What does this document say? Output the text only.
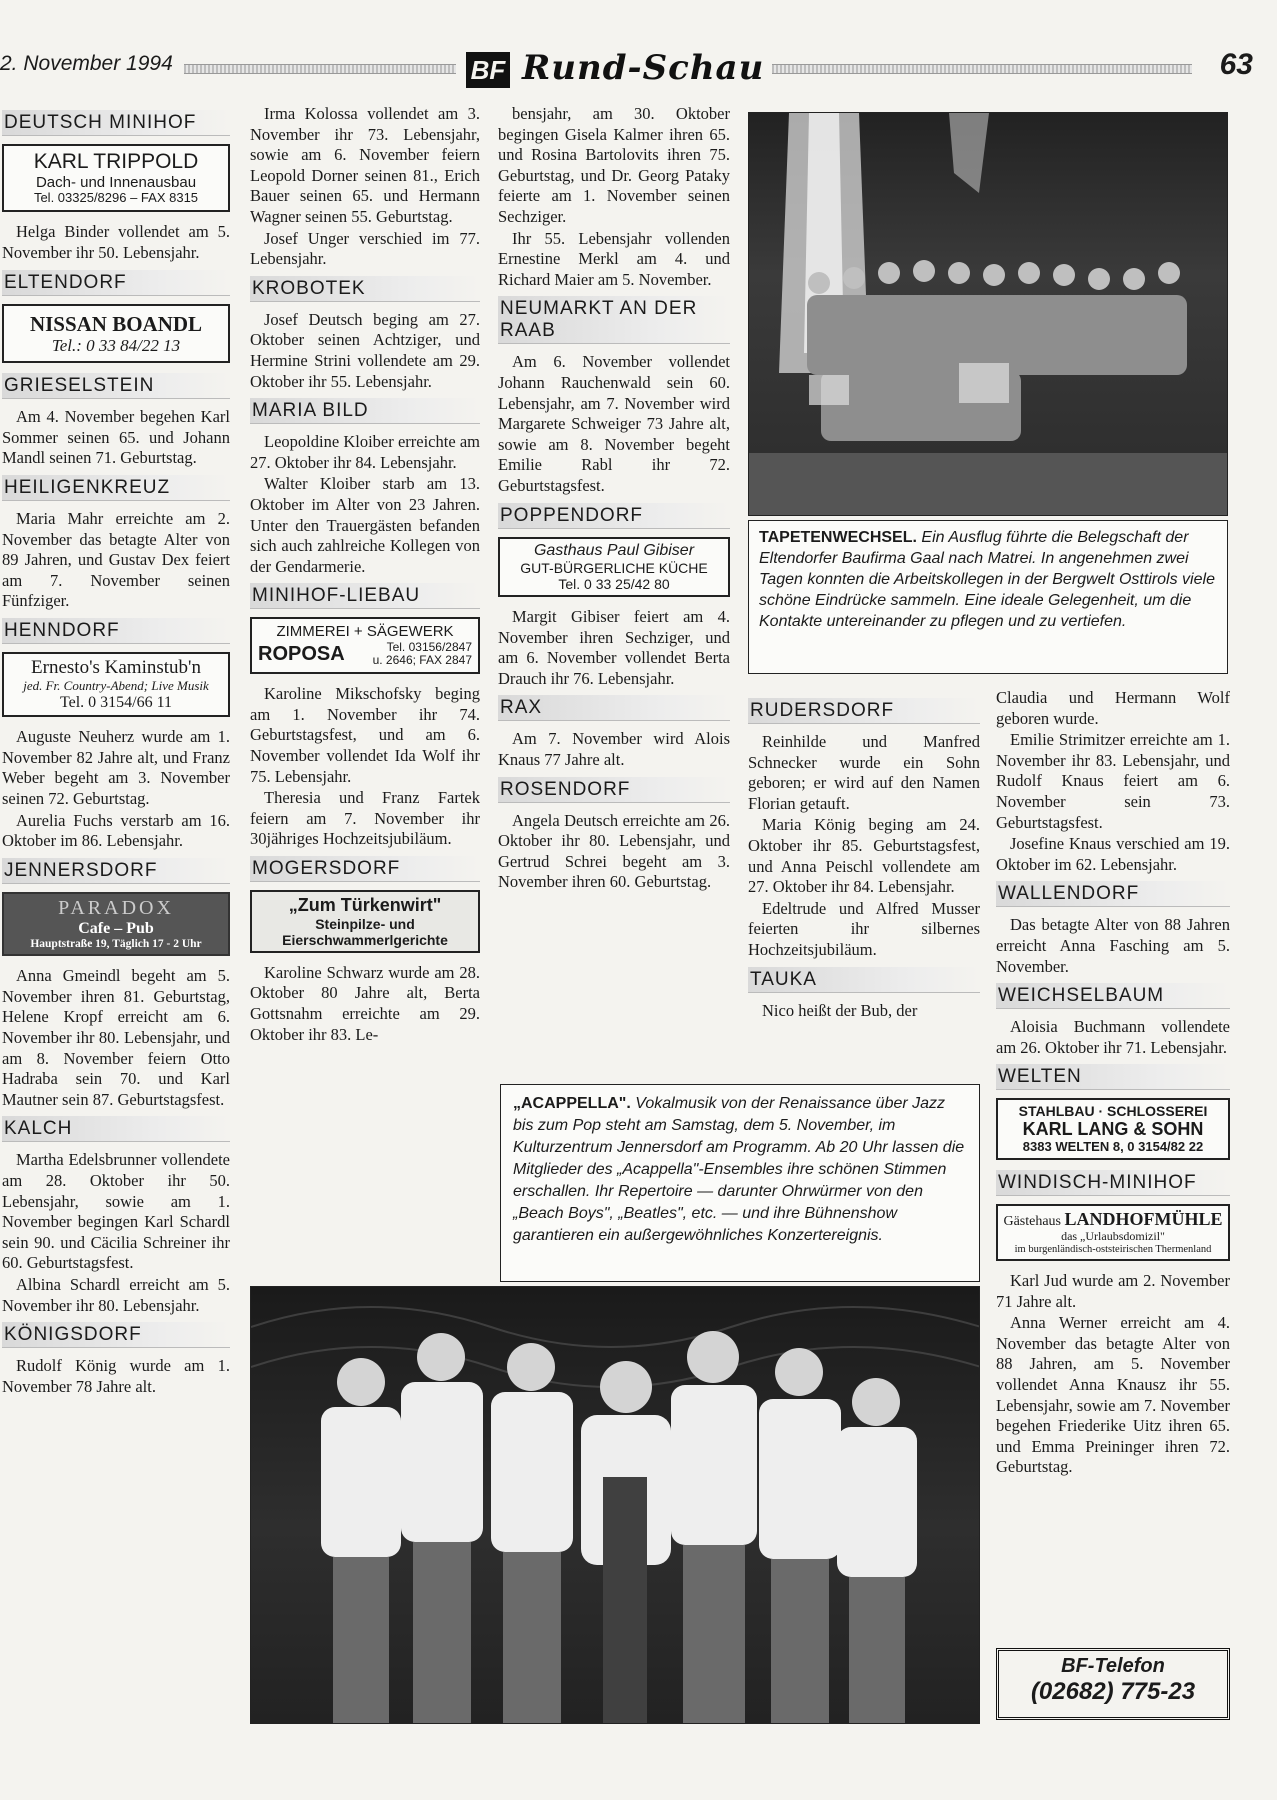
2. November 1994	BF Rund-Schau	63
DEUTSCH MINIHOF
KARL TRIPPOLD
Dach- und Innenausbau
Tel. 03325/8296 – FAX 8315

Helga Binder vollendet am 5. November ihr 50. Lebensjahr.

ELTENDORF
NISSAN BOANDL
Tel.: 0 33 84/22 13
GRIESELSTEIN

Am 4. November begehen Karl Sommer seinen 65. und Johann Mandl seinen 71. Geburtstag.

HEILIGENKREUZ

Maria Mahr erreichte am 2. November das betagte Alter von 89 Jahren, und Gustav Dex feiert am 7. November seinen Fünfziger.

HENNDORF
Ernesto's Kaminstub'n
jed. Fr. Country-Abend; Live Musik
Tel. 0 3154/66 11

Auguste Neuherz wurde am 1. November 82 Jahre alt, und Franz Weber begeht am 3. November seinen 72. Geburtstag.

Aurelia Fuchs verstarb am 16. Oktober im 86. Lebensjahr.

JENNERSDORF
PARADOX
Cafe – Pub
Hauptstraße 19, Täglich 17 - 2 Uhr

Anna Gmeindl begeht am 5. November ihren 81. Geburtstag, Helene Kropf erreicht am 6. November ihr 80. Lebensjahr, und am 8. November feiern Otto Hadraba sein 70. und Karl Mautner sein 87. Geburtstagsfest.

KALCH

Martha Edelsbrunner vollendete am 28. Oktober ihr 50. Lebensjahr, sowie am 1. November begingen Karl Schardl sein 90. und Cäcilia Schreiner ihr 60. Geburtstagsfest.

Albina Schardl erreicht am 5. November ihr 80. Lebensjahr.

KÖNIGSDORF

Rudolf König wurde am 1. November 78 Jahre alt.

Irma Kolossa vollendet am 3. November ihr 73. Lebensjahr, sowie am 6. November feiern Leopold Dorner seinen 81., Erich Bauer seinen 65. und Hermann Wagner seinen 55. Geburtstag.

Josef Unger verschied im 77. Lebensjahr.

KROBOTEK

Josef Deutsch beging am 27. Oktober seinen Achtziger, und Hermine Strini vollendete am 29. Oktober ihr 55. Lebensjahr.

MARIA BILD

Leopoldine Kloiber erreichte am 27. Oktober ihr 84. Lebensjahr.

Walter Kloiber starb am 13. Oktober im Alter von 23 Jahren. Unter den Trauergästen befanden sich auch zahlreiche Kollegen von der Gendarmerie.

MINIHOF-LIEBAU
ZIMMEREI + SÄGEWERK
ROPOSA	Tel. 03156/2847
u. 2646; FAX 2847

Karoline Mikschofsky beging am 1. November ihr 74. Geburtstagsfest, und am 6. November vollendet Ida Wolf ihr 75. Lebensjahr.

Theresia und Franz Fartek feiern am 7. November ihr 30jähriges Hochzeitsjubiläum.

MOGERSDORF
„Zum Türkenwirt"
Steinpilze- und
Eierschwammerlgerichte

Karoline Schwarz wurde am 28. Oktober 80 Jahre alt, Berta Gottsnahm erreichte am 29. Oktober ihr 83. Le-

bensjahr, am 30. Oktober begingen Gisela Kalmer ihren 65. und Rosina Bartolovits ihren 75. Geburtstag, und Dr. Georg Pataky feierte am 1. November seinen Sechziger.

Ihr 55. Lebensjahr vollenden Ernestine Merkl am 4. und Richard Maier am 5. November.

NEUMARKT AN DER RAAB

Am 6. November vollendet Johann Rauchenwald sein 60. Lebensjahr, am 7. November wird Margarete Schweiger 73 Jahre alt, sowie am 8. November begeht Emilie Rabl ihr 72. Geburtstagsfest.

POPPENDORF
Gasthaus Paul Gibiser
GUT-BÜRGERLICHE KÜCHE
Tel. 0 33 25/42 80

Margit Gibiser feiert am 4. November ihren Sechziger, und am 6. November vollendet Berta Drauch ihr 76. Lebensjahr.

RAX

Am 7. November wird Alois Knaus 77 Jahre alt.

ROSENDORF

Angela Deutsch erreichte am 26. Oktober ihr 80. Lebensjahr, und Gertrud Schrei begeht am 3. November ihren 60. Geburtstag.

TAPETENWECHSEL. Ein Ausflug führte die Belegschaft der Eltendorfer Baufirma Gaal nach Matrei. In angenehmen zwei Tagen konnten die Arbeitskollegen in der Bergwelt Osttirols viele schöne Eindrücke sammeln. Eine ideale Gelegenheit, um die Kontakte untereinander zu pflegen und zu vertiefen.
RUDERSDORF

Reinhilde und Manfred Schnecker wurde ein Sohn geboren; er wird auf den Namen Florian getauft.

Maria König beging am 24. Oktober ihr 85. Geburtstagsfest, und Anna Peischl vollendete am 27. Oktober ihr 84. Lebensjahr.

Edeltrude und Alfred Musser feierten ihr silbernes Hochzeitsjubiläum.

TAUKA

Nico heißt der Bub, der

Claudia und Hermann Wolf geboren wurde.

Emilie Strimitzer erreichte am 1. November ihr 83. Lebensjahr, und Rudolf Knaus feiert am 6. November sein 73. Geburtstagsfest.

Josefine Knaus verschied am 19. Oktober im 62. Lebensjahr.

WALLENDORF

Das betagte Alter von 88 Jahren erreicht Anna Fasching am 5. November.

WEICHSELBAUM

Aloisia Buchmann vollendete am 26. Oktober ihr 71. Lebensjahr.

WELTEN
STAHLBAU · SCHLOSSEREI
KARL LANG & SOHN
8383 WELTEN 8, 0 3154/82 22
WINDISCH-MINIHOF
Gästehaus LANDHOFMÜHLE
das „Urlaubsdomizil"
im burgenländisch-oststeirischen Thermenland

Karl Jud wurde am 2. November 71 Jahre alt.

Anna Werner erreicht am 4. November das betagte Alter von 88 Jahren, am 5. November vollendet Anna Knausz ihr 55. Lebensjahr, sowie am 7. November begehen Friederike Uitz ihren 65. und Emma Preininger ihren 72. Geburtstag.

„ACAPPELLA". Vokalmusik von der Renaissance über Jazz bis zum Pop steht am Samstag, dem 5. November, im Kulturzentrum Jennersdorf am Programm. Ab 20 Uhr lassen die Mitglieder des „Acappella"-Ensembles ihre schönen Stimmen erschallen. Ihr Repertoire — darunter Ohrwürmer von den „Beach Boys", „Beatles", etc. — und ihre Bühnenshow garantieren ein außergewöhnliches Konzertereignis.
BF-Telefon
(02682) 775-23
